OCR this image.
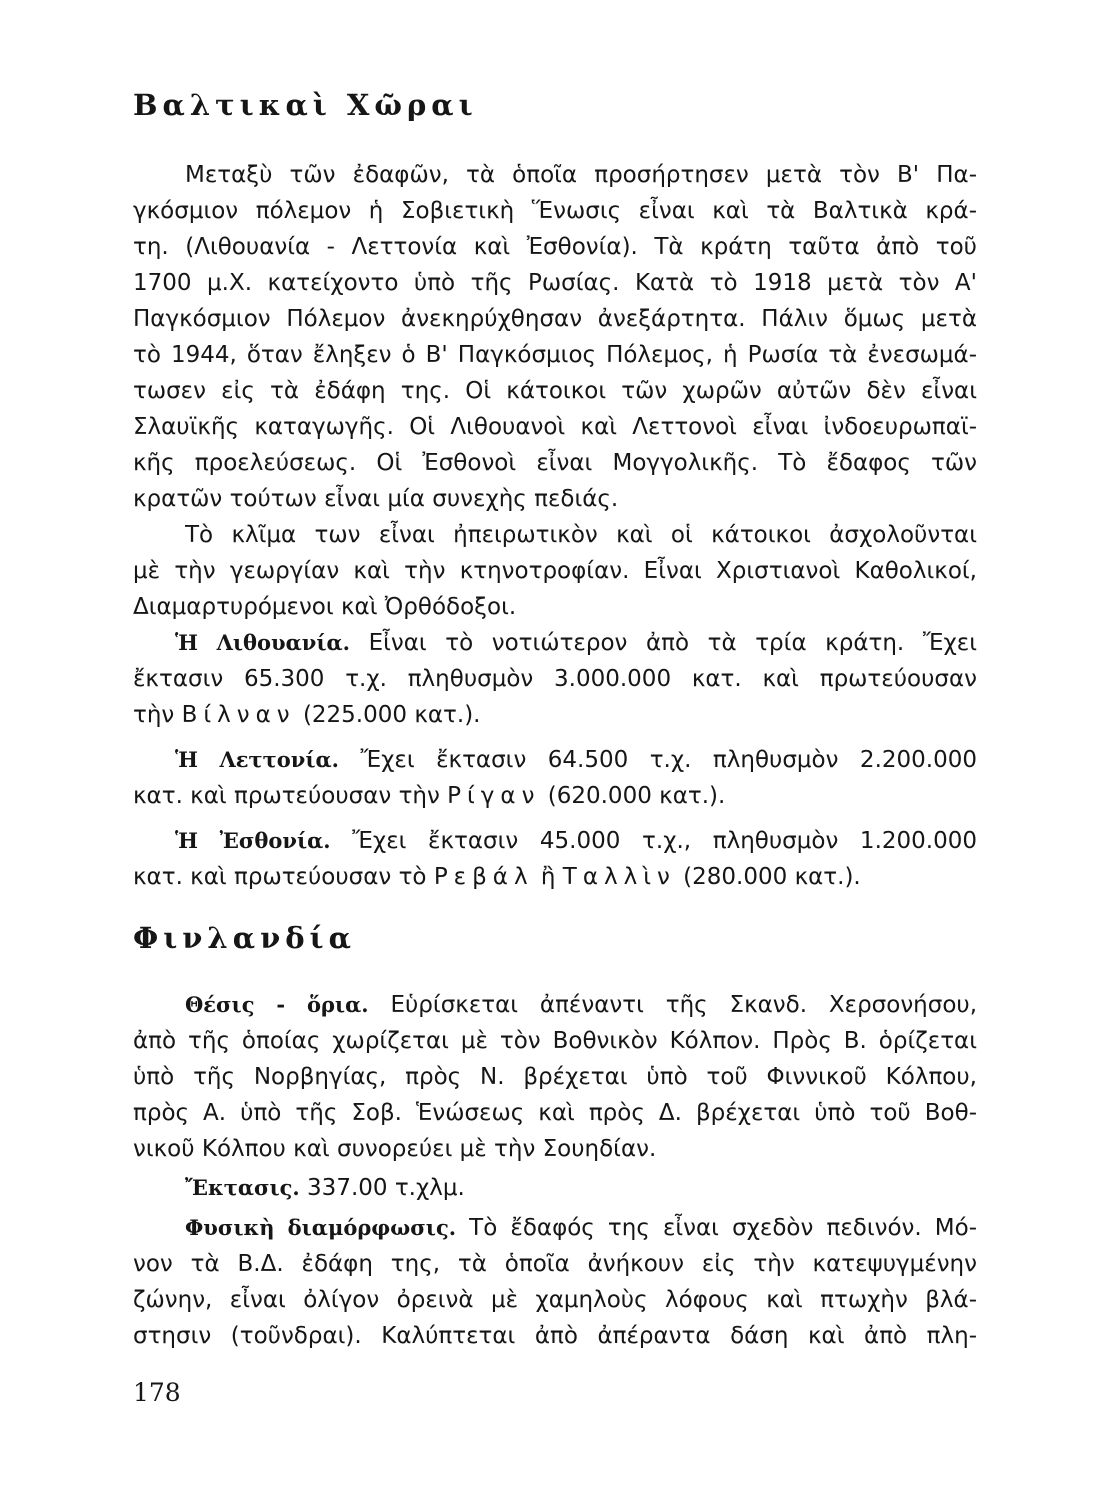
Βαλτικαὶ Χῶραι
Μεταξὺ τῶν ἐδαφῶν, τὰ ὁποῖα προσήρτησεν μετὰ τὸν Β' Πα-
γκόσμιον πόλεμον ἡ Σοβιετικὴ Ἕνωσις εἶναι καὶ τὰ Βαλτικὰ κρά-
τη. (Λιθουανία - Λεττονία καὶ Ἐσθονία). Τὰ κράτη ταῦτα ἀπὸ τοῦ
1700 μ.Χ. κατείχοντο ὑπὸ τῆς Ρωσίας. Κατὰ τὸ 1918 μετὰ τὸν Α'
Παγκόσμιον Πόλεμον ἀνεκηρύχθησαν ἀνεξάρτητα. Πάλιν ὅμως μετὰ
τὸ 1944, ὅταν ἔληξεν ὁ Β' Παγκόσμιος Πόλεμος, ἡ Ρωσία τὰ ἐνεσωμά-
τωσεν εἰς τὰ ἐδάφη της. Οἱ κάτοικοι τῶν χωρῶν αὐτῶν δὲν εἶναι
Σλαυϊκῆς καταγωγῆς. Οἱ Λιθουανοὶ καὶ Λεττονοὶ εἶναι ἰνδοευρωπαϊ-
κῆς προελεύσεως. Οἱ Ἐσθονοὶ εἶναι Μογγολικῆς. Τὸ ἔδαφος τῶν
κρατῶν τούτων εἶναι μία συνεχὴς πεδιάς.
Τὸ κλῖμα των εἶναι ἠπειρωτικὸν καὶ οἱ κάτοικοι ἀσχολοῦνται
μὲ τὴν γεωργίαν καὶ τὴν κτηνοτροφίαν. Εἶναι Χριστιανοὶ Καθολικοί,
Διαμαρτυρόμενοι καὶ Ὀρθόδοξοι.
Ἡ Λιθουανία. Εἶναι τὸ νοτιώτερον ἀπὸ τὰ τρία κράτη. Ἔχει
ἔκτασιν 65.300 τ.χ. πληθυσμὸν 3.000.000 κατ. καὶ πρωτεύουσαν
τὴν Βίλναν (225.000 κατ.).
Ἡ Λεττονία. Ἔχει ἔκτασιν 64.500 τ.χ. πληθυσμὸν 2.200.000
κατ. καὶ πρωτεύουσαν τὴν Ρίγαν (620.000 κατ.).
Ἡ Ἐσθονία. Ἔχει ἔκτασιν 45.000 τ.χ., πληθυσμὸν 1.200.000
κατ. καὶ πρωτεύουσαν τὸ Ρεβάλ ἢ Ταλλὶν (280.000 κατ.).
Φινλανδία
Θέσις - ὅρια. Εὑρίσκεται ἀπέναντι τῆς Σκανδ. Χερσονήσου,
ἀπὸ τῆς ὁποίας χωρίζεται μὲ τὸν Βοθνικὸν Κόλπον. Πρὸς Β. ὁρίζεται
ὑπὸ τῆς Νορβηγίας, πρὸς Ν. βρέχεται ὑπὸ τοῦ Φιννικοῦ Κόλπου,
πρὸς Α. ὑπὸ τῆς Σοβ. Ἑνώσεως καὶ πρὸς Δ. βρέχεται ὑπὸ τοῦ Βοθ-
νικοῦ Κόλπου καὶ συνορεύει μὲ τὴν Σουηδίαν.
Ἔκτασις. 337.00 τ.χλμ.
Φυσικὴ διαμόρφωσις. Τὸ ἔδαφός της εἶναι σχεδὸν πεδινόν. Μό-
νον τὰ Β.Δ. ἐδάφη της, τὰ ὁποῖα ἀνήκουν εἰς τὴν κατεψυγμένην
ζώνην, εἶναι ὀλίγον ὀρεινὰ μὲ χαμηλοὺς λόφους καὶ πτωχὴν βλά-
στησιν (τοῦνδραι). Καλύπτεται ἀπὸ ἀπέραντα δάση καὶ ἀπὸ πλη-
178
